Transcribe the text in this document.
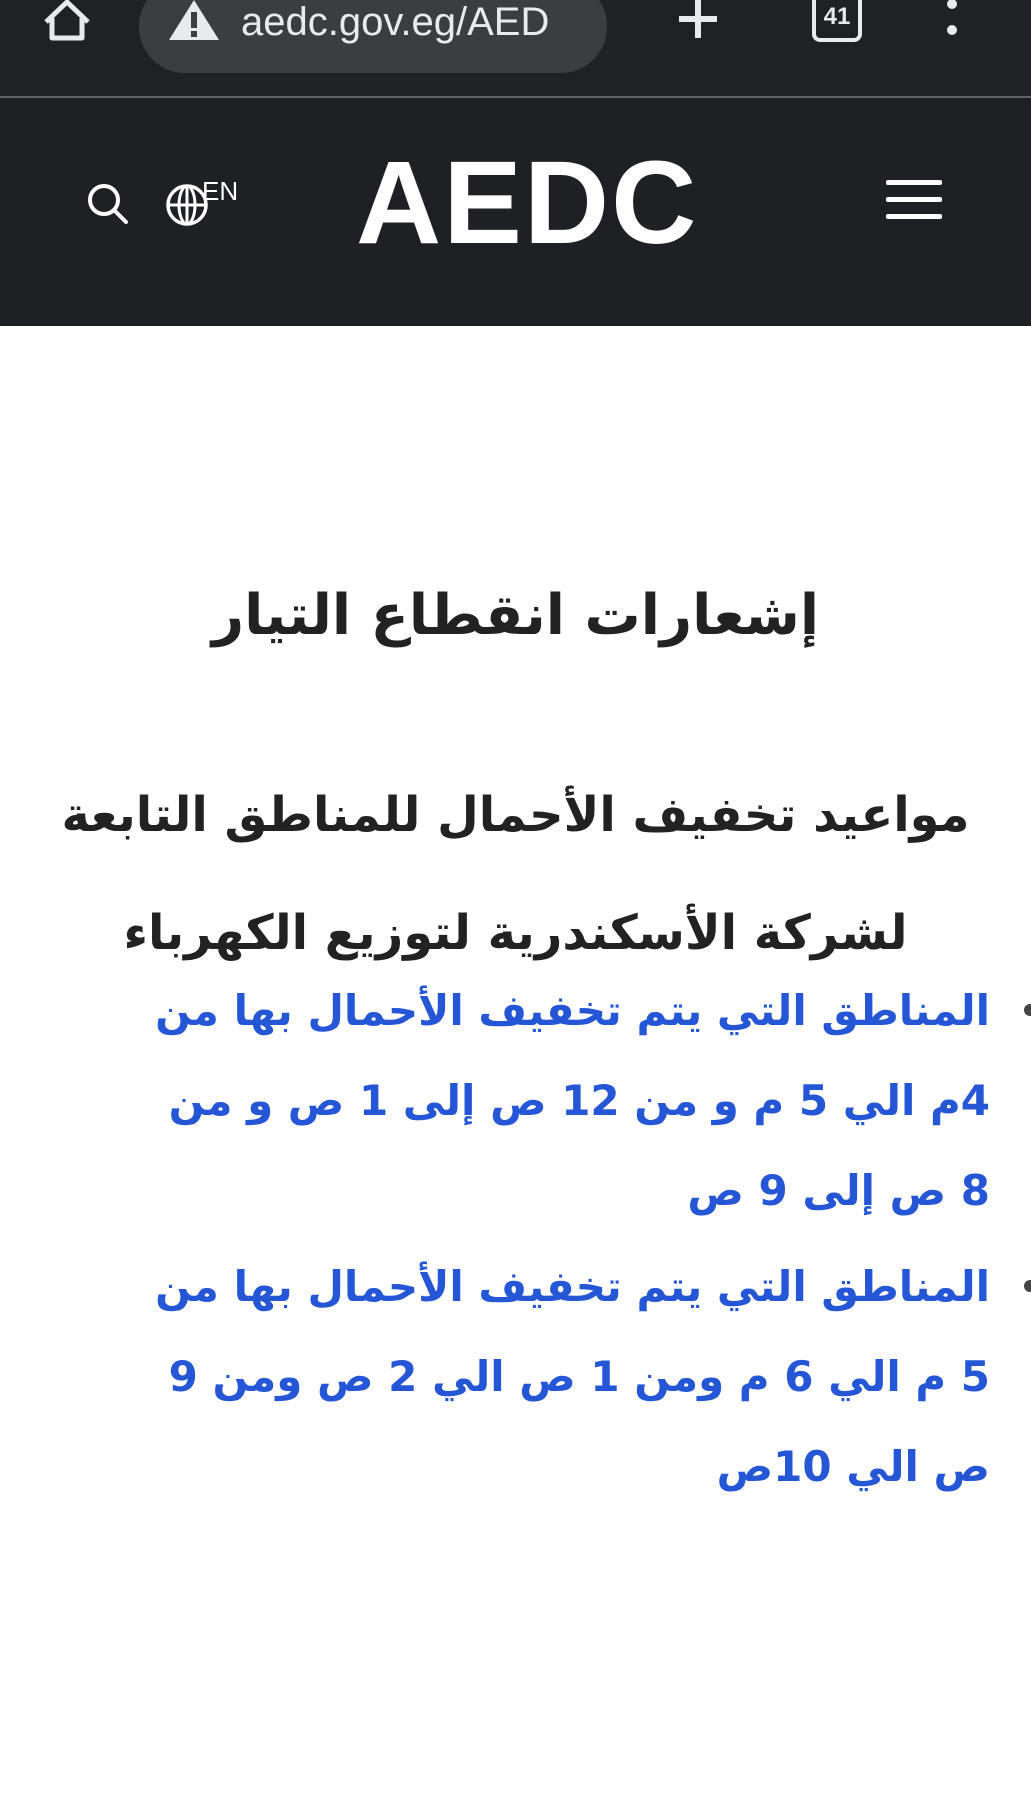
aedc.gov.eg/AED	41
EN AEDC
إشعارات انقطاع التيار
مواعيد تخفيف الأحمال للمناطق التابعة لشركة الأسكندرية لتوزيع الكهرباء
المناطق التي يتم تخفيف الأحمال بها من 4م الي 5 م و من 12 ص إلى 1 ص و من 8 ص إلى 9 ص
المناطق التي يتم تخفيف الأحمال بها من 5 م الي 6 م ومن 1 ص الي 2 ص ومن 9 ص الي 10ص
